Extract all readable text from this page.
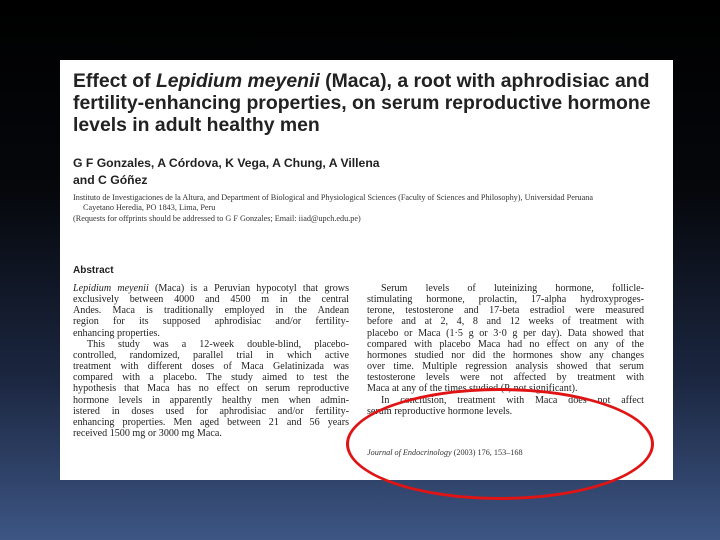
Effect of Lepidium meyenii (Maca), a root with aphrodisiac and
fertility-enhancing properties, on serum reproductive hormone
levels in adult healthy men
G F Gonzales, A Córdova, K Vega, A Chung, A Villena
and C Góñez
Instituto de Investigaciones de la Altura, and Department of Biological and Physiological Sciences (Faculty of Sciences and Philosophy), Universidad Peruana
Cayetano Heredia, PO 1843, Lima, Peru
(Requests for offprints should be addressed to G F Gonzales; Email: iiad@upch.edu.pe)
Abstract
Lepidium meyenii (Maca) is a Peruvian hypocotyl that grows
exclusively between 4000 and 4500 m in the central
Andes. Maca is traditionally employed in the Andean
region for its supposed aphrodisiac and/or fertility-
enhancing properties.
This study was a 12-week double-blind, placebo-
controlled, randomized, parallel trial in which active
treatment with different doses of Maca Gelatinizada was
compared with a placebo. The study aimed to test the
hypothesis that Maca has no effect on serum reproductive
hormone levels in apparently healthy men when admin-
istered in doses used for aphrodisiac and/or fertility-
enhancing properties. Men aged between 21 and 56 years
received 1500 mg or 3000 mg Maca.
Serum levels of luteinizing hormone, follicle-
stimulating hormone, prolactin, 17-alpha hydroxyproges-
terone, testosterone and 17-beta estradiol were measured
before and at 2, 4, 8 and 12 weeks of treatment with
placebo or Maca (1·5 g or 3·0 g per day). Data showed that
compared with placebo Maca had no effect on any of the
hormones studied nor did the hormones show any changes
over time. Multiple regression analysis showed that serum
testosterone levels were not affected by treatment with
Maca at any of the times studied (P, not significant).
In conclusion, treatment with Maca does not affect
serum reproductive hormone levels.
Journal of Endocrinology (2003) 176, 153–168
